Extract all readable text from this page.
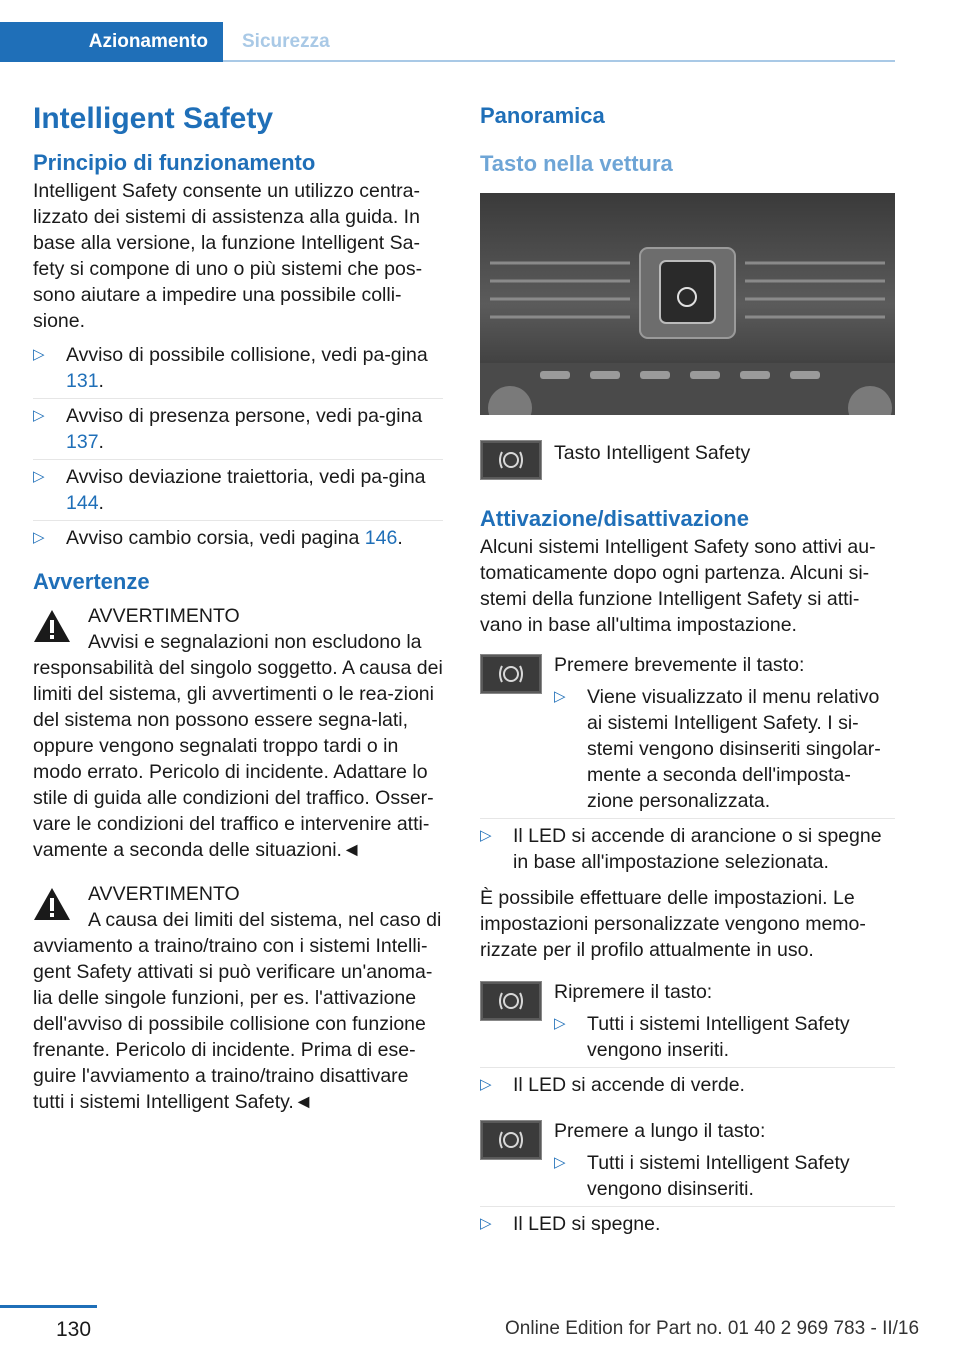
Azionamento	Sicurezza
Intelligent Safety
Principio di funzionamento

Intelligent Safety consente un utilizzo centra-lizzato dei sistemi di assistenza alla guida. In base alla versione, la funzione Intelligent Sa-fety si compone di uno o più sistemi che pos-sono aiutare a impedire una possibile colli-sione.

▷ Avviso di possibile collisione, vedi pa-gina 131.
▷ Avviso di presenza persone, vedi pa-gina 137.
▷ Avviso deviazione traiettoria, vedi pa-gina 144.
▷ Avviso cambio corsia, vedi pagina 146.
Avvertenze
AVVERTIMENTO
Avvisi e segnalazioni non escludono la
responsabilità del singolo soggetto. A causa dei limiti del sistema, gli avvertimenti o le rea-zioni del sistema non possono essere segna-lati, oppure vengono segnalati troppo tardi o in modo errato. Pericolo di incidente. Adattare lo stile di guida alle condizioni del traffico. Osser-vare le condizioni del traffico e intervenire atti-vamente a seconda delle situazioni.◄
AVVERTIMENTO
A causa dei limiti del sistema, nel caso di
avviamento a traino/traino con i sistemi Intelli-gent Safety attivati si può verificare un'anoma-lia delle singole funzioni, per es. l'attivazione dell'avviso di possibile collisione con funzione frenante. Pericolo di incidente. Prima di ese-guire l'avviamento a traino/traino disattivare tutti i sistemi Intelligent Safety.◄
Panoramica
Tasto nella vettura
Tasto Intelligent Safety
Attivazione/disattivazione

Alcuni sistemi Intelligent Safety sono attivi au-tomaticamente dopo ogni partenza. Alcuni si-stemi della funzione Intelligent Safety si atti-vano in base all'ultima impostazione.

Premere brevemente il tasto:
▷ Viene visualizzato il menu relativo ai sistemi Intelligent Safety. I si-stemi vengono disinseriti singolar-mente a seconda dell'imposta-zione personalizzata.
▷ Il LED si accende di arancione o si spegne in base all'impostazione selezionata.

È possibile effettuare delle impostazioni. Le impostazioni personalizzate vengono memo-rizzate per il profilo attualmente in uso.

Ripremere il tasto:
▷ Tutti i sistemi Intelligent Safety vengono inseriti.
▷ Il LED si accende di verde.
Premere a lungo il tasto:
▷ Tutti i sistemi Intelligent Safety vengono disinseriti.
▷ Il LED si spegne.
130	Online Edition for Part no. 01 40 2 969 783 - II/16
